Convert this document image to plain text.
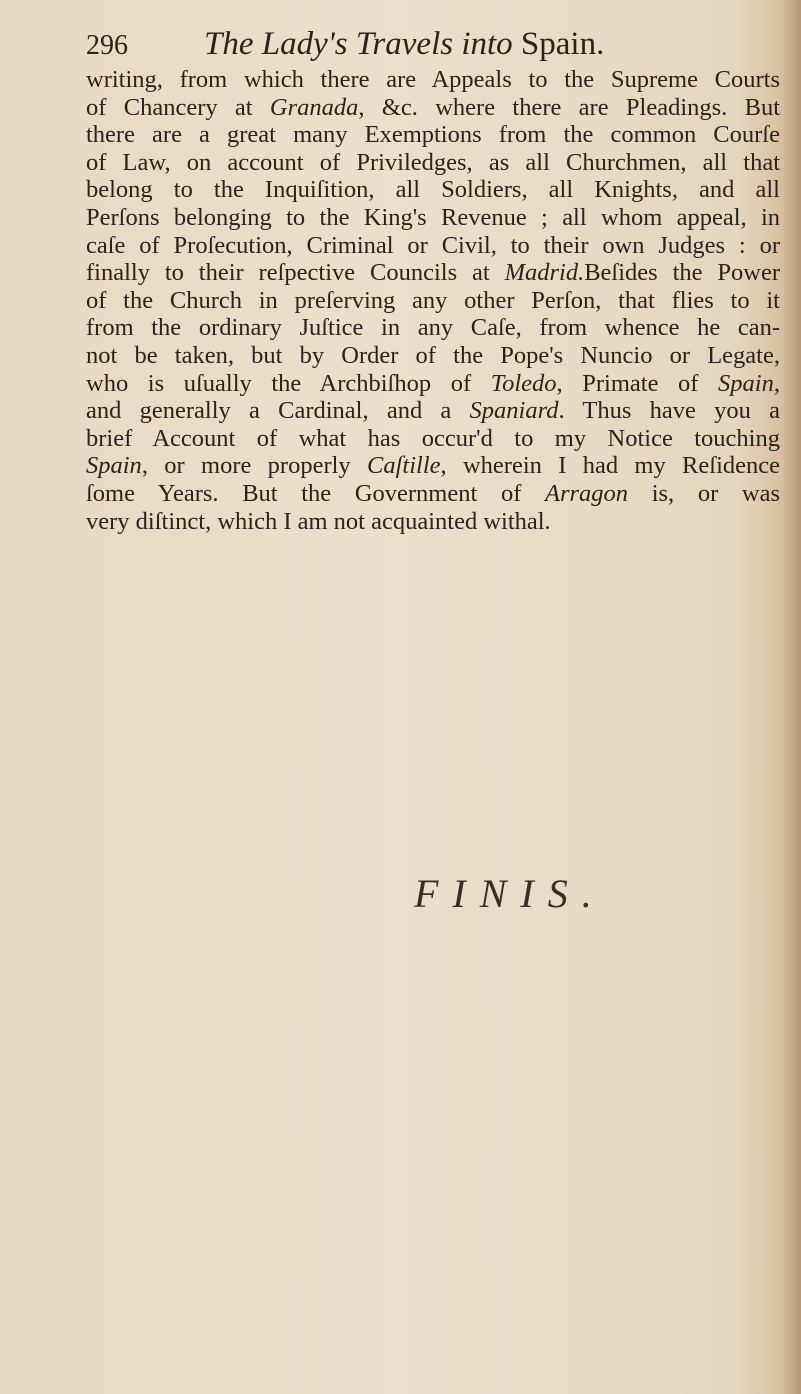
296 The Lady's Travels into Spain.
writing, from which there are Appeals to the Supreme Courts
of Chancery at Granada, &c. where there are Pleadings. But
there are a great many Exemptions from the common Courſe
of Law, on account of Priviledges, as all Churchmen, all that
belong to the Inquiſition, all Soldiers, all Knights, and all
Perſons belonging to the King's Revenue ; all whom appeal, in
caſe of Proſecution, Criminal or Civil, to their own Judges : or
finally to their reſpective Councils at Madrid.Beſides the Power
of the Church in preſerving any other Perſon, that flies to it
from the ordinary Juſtice in any Caſe, from whence he can-
not be taken, but by Order of the Pope's Nuncio or Legate,
who is uſually the Archbiſhop of Toledo, Primate of Spain,
and generally a Cardinal, and a Spaniard. Thus have you a
brief Account of what has occur'd to my Notice touching
Spain, or more properly Caſtille, wherein I had my Reſidence
ſome Years. But the Government of Arragon is, or was
very diſtinct, which I am not acquainted withal.
FINIS.
